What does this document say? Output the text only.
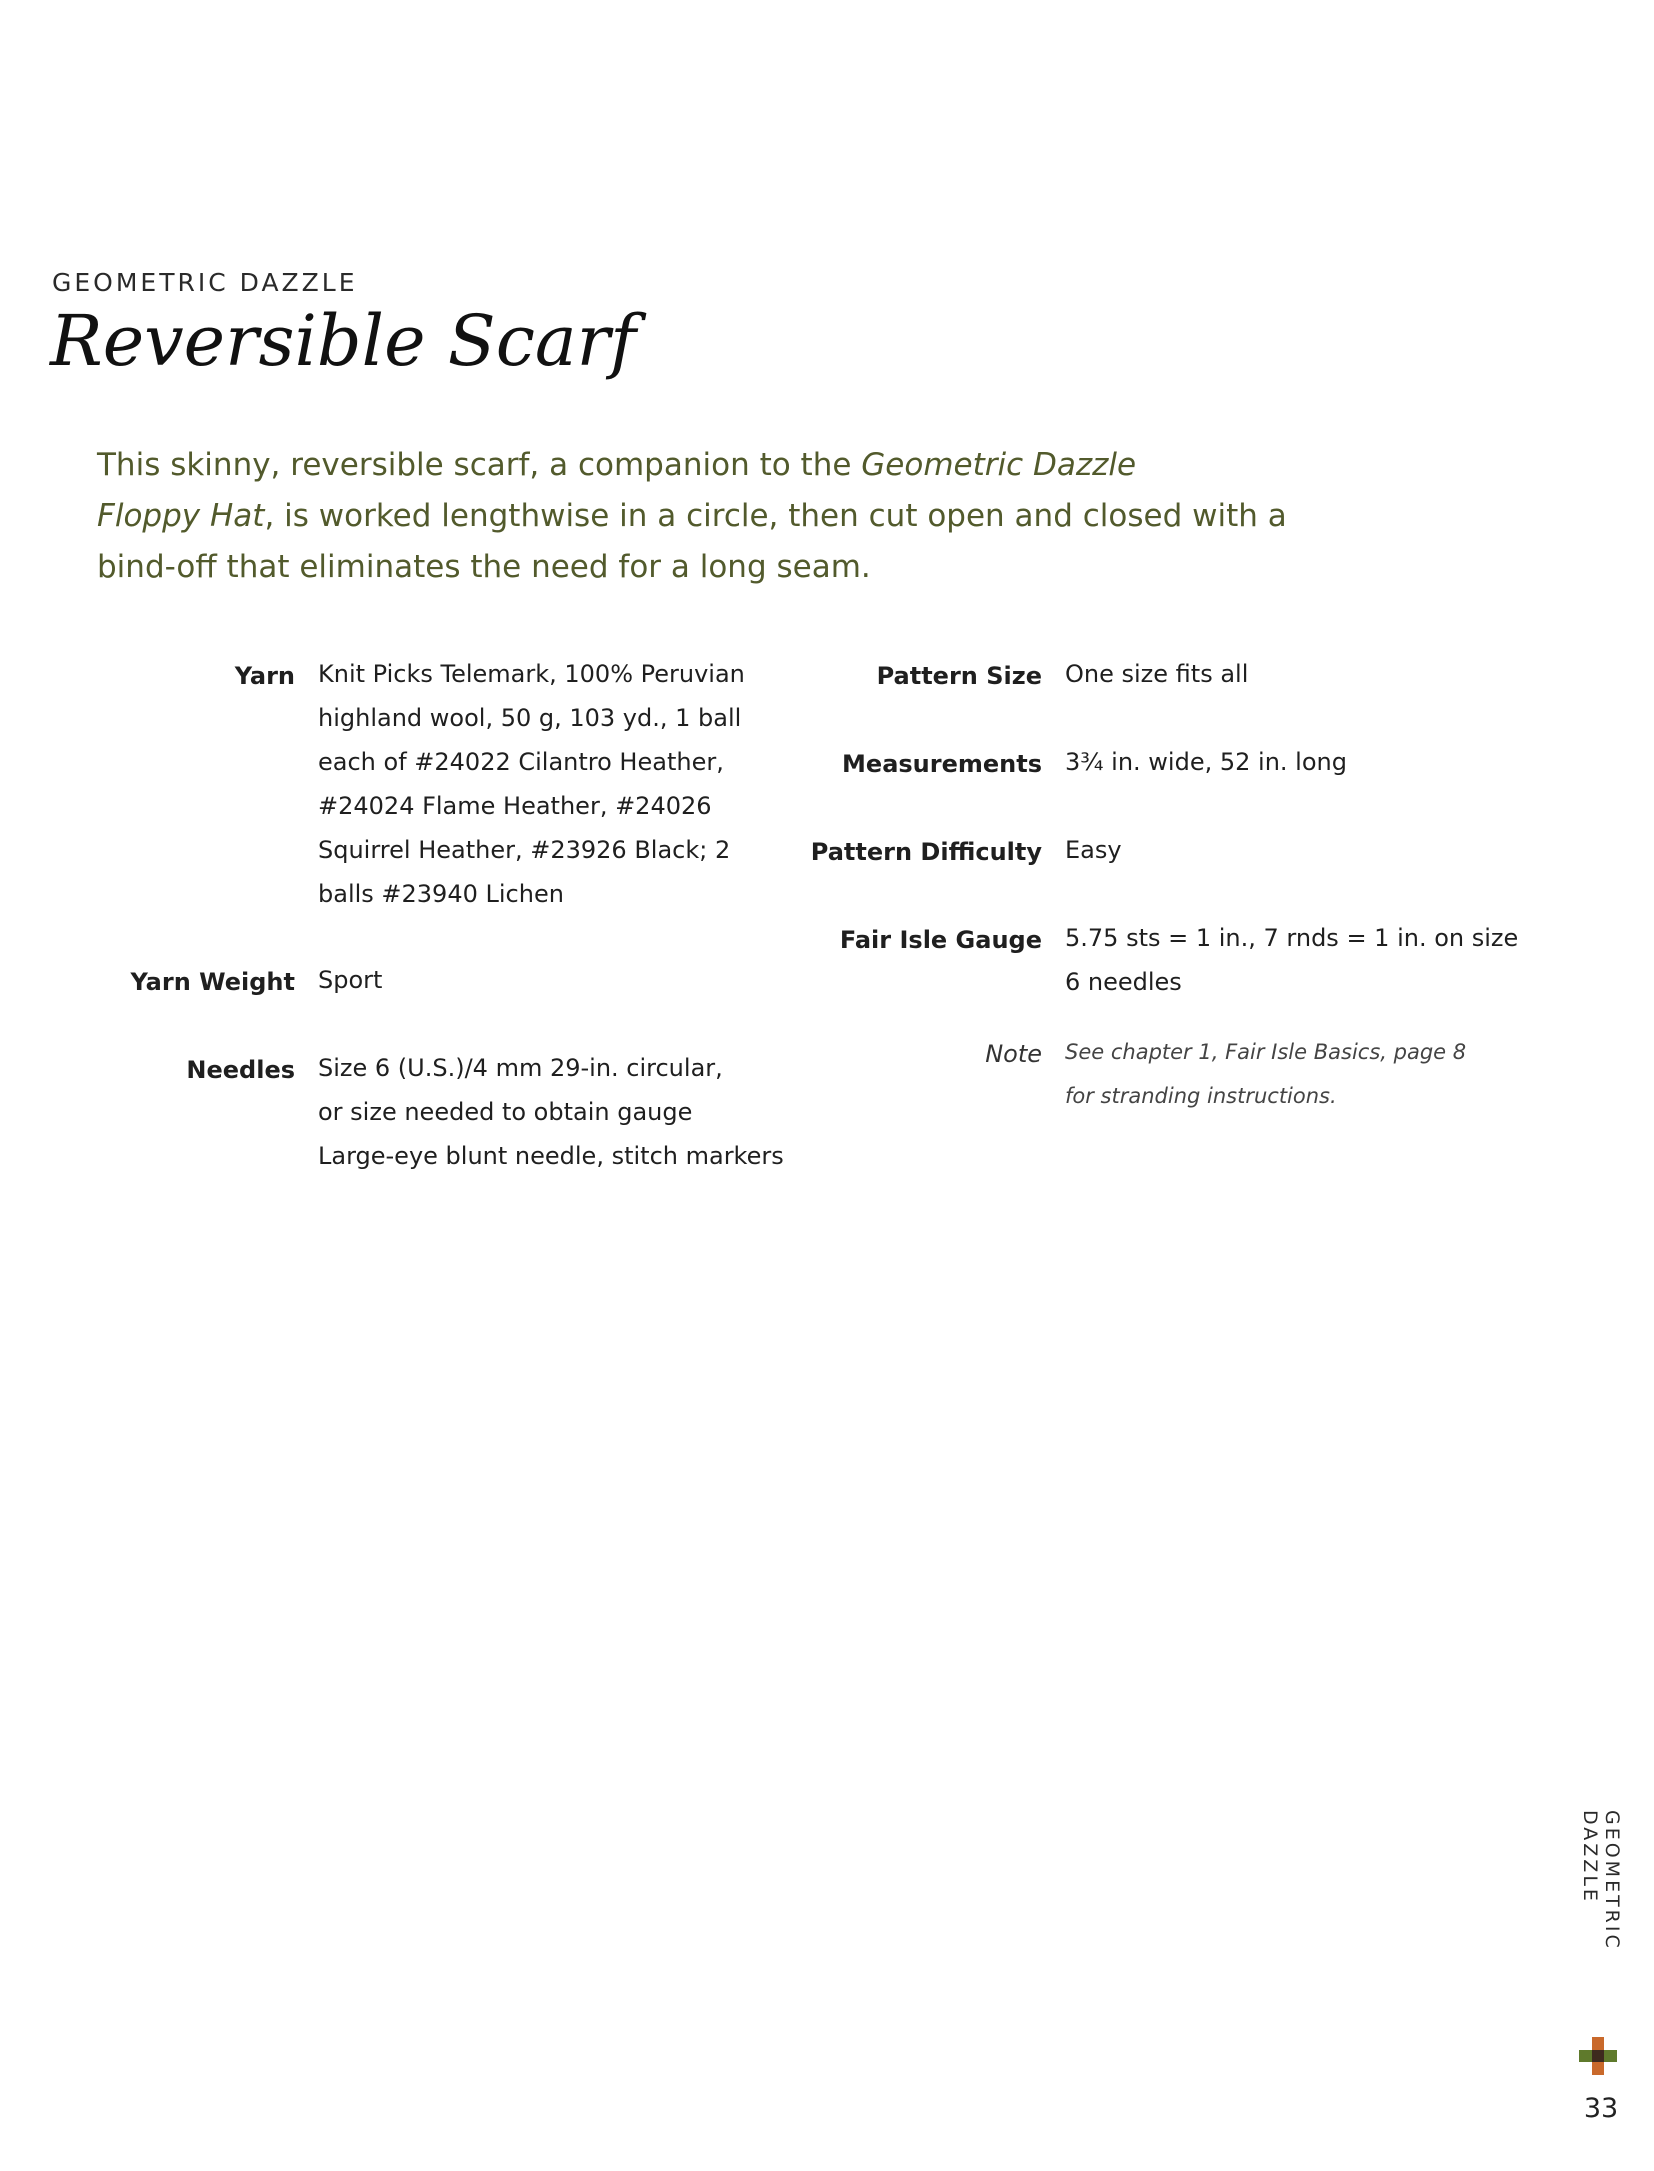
GEOMETRIC DAZZLE
Reversible Scarf
This skinny, reversible scarf, a companion to the Geometric Dazzle
Floppy Hat, is worked lengthwise in a circle, then cut open and closed with a
bind-off that eliminates the need for a long seam.
Yarn Knit Picks Telemark, 100% Peruvian
highland wool, 50 g, 103 yd., 1 ball
each of #24022 Cilantro Heather,
#24024 Flame Heather, #24026
Squirrel Heather, #23926 Black; 2
balls #23940 Lichen
Yarn Weight Sport
Needles Size 6 (U.S.)/4 mm 29-in. circular,
or size needed to obtain gauge
Large-eye blunt needle, stitch markers
Pattern Size One size fits all
Measurements 3¾ in. wide, 52 in. long
Pattern Difficulty Easy
Fair Isle Gauge 5.75 sts = 1 in., 7 rnds = 1 in. on size
6 needles
Note See chapter 1, Fair Isle Basics, page 8
for stranding instructions.
GEOMETRIC DAZZLE
33
